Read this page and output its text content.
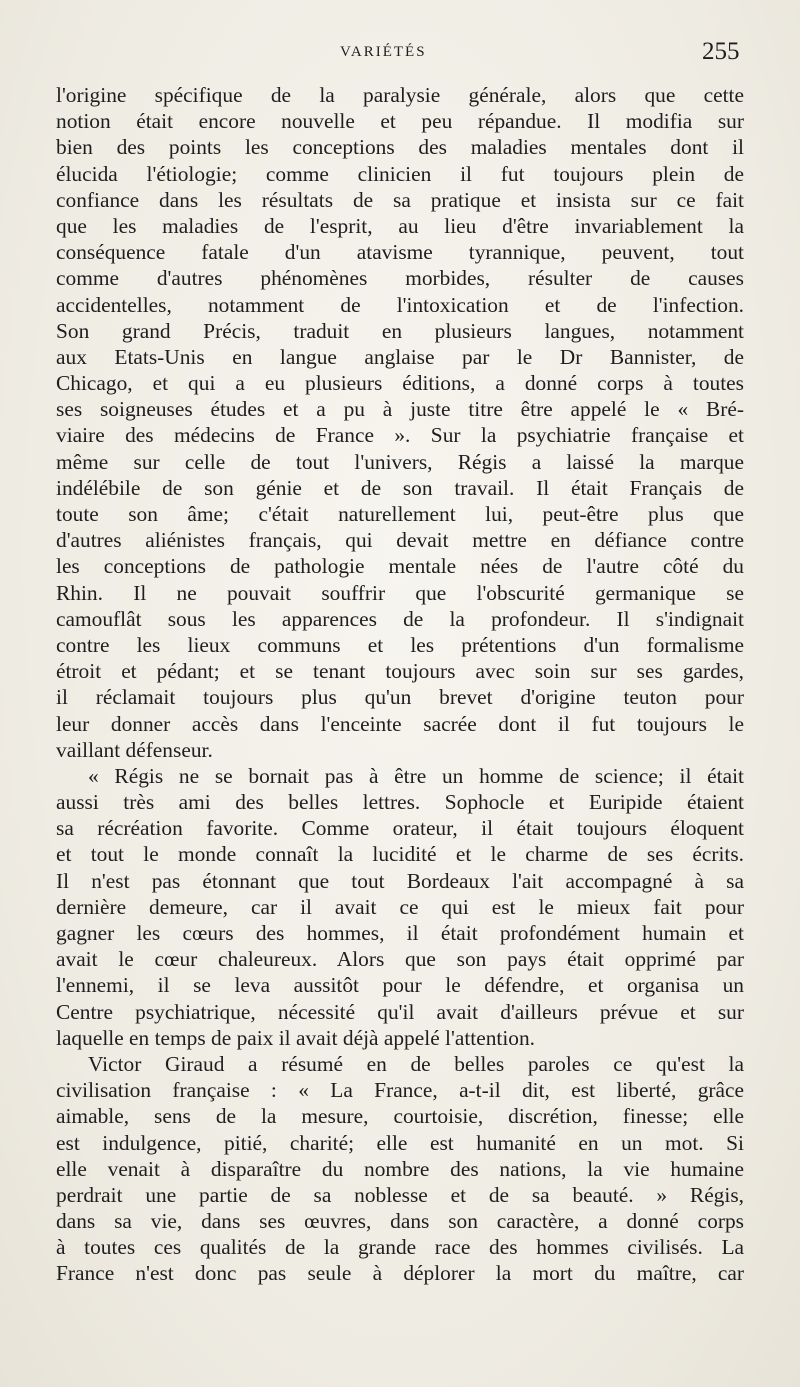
VARIÉTÉS	255
l'origine spécifique de la paralysie générale, alors que cette
notion était encore nouvelle et peu répandue. Il modifia sur
bien des points les conceptions des maladies mentales dont il
élucida l'étiologie; comme clinicien il fut toujours plein de
confiance dans les résultats de sa pratique et insista sur ce fait
que les maladies de l'esprit, au lieu d'être invariablement la
conséquence fatale d'un atavisme tyrannique, peuvent, tout
comme d'autres phénomènes morbides, résulter de causes
accidentelles, notamment de l'intoxication et de l'infection.
Son grand Précis, traduit en plusieurs langues, notamment
aux Etats-Unis en langue anglaise par le Dr Bannister, de
Chicago, et qui a eu plusieurs éditions, a donné corps à toutes
ses soigneuses études et a pu à juste titre être appelé le « Bré-
viaire des médecins de France ». Sur la psychiatrie française et
même sur celle de tout l'univers, Régis a laissé la marque
indélébile de son génie et de son travail. Il était Français de
toute son âme; c'était naturellement lui, peut-être plus que
d'autres aliénistes français, qui devait mettre en défiance contre
les conceptions de pathologie mentale nées de l'autre côté du
Rhin. Il ne pouvait souffrir que l'obscurité germanique se
camouflât sous les apparences de la profondeur. Il s'indignait
contre les lieux communs et les prétentions d'un formalisme
étroit et pédant; et se tenant toujours avec soin sur ses gardes,
il réclamait toujours plus qu'un brevet d'origine teuton pour
leur donner accès dans l'enceinte sacrée dont il fut toujours le
vaillant défenseur.
« Régis ne se bornait pas à être un homme de science; il était
aussi très ami des belles lettres. Sophocle et Euripide étaient
sa récréation favorite. Comme orateur, il était toujours éloquent
et tout le monde connaît la lucidité et le charme de ses écrits.
Il n'est pas étonnant que tout Bordeaux l'ait accompagné à sa
dernière demeure, car il avait ce qui est le mieux fait pour
gagner les cœurs des hommes, il était profondément humain et
avait le cœur chaleureux. Alors que son pays était opprimé par
l'ennemi, il se leva aussitôt pour le défendre, et organisa un
Centre psychiatrique, nécessité qu'il avait d'ailleurs prévue et sur
laquelle en temps de paix il avait déjà appelé l'attention.
Victor Giraud a résumé en de belles paroles ce qu'est la
civilisation française : « La France, a-t-il dit, est liberté, grâce
aimable, sens de la mesure, courtoisie, discrétion, finesse; elle
est indulgence, pitié, charité; elle est humanité en un mot. Si
elle venait à disparaître du nombre des nations, la vie humaine
perdrait une partie de sa noblesse et de sa beauté. » Régis,
dans sa vie, dans ses œuvres, dans son caractère, a donné corps
à toutes ces qualités de la grande race des hommes civilisés. La
France n'est donc pas seule à déplorer la mort du maître, car
